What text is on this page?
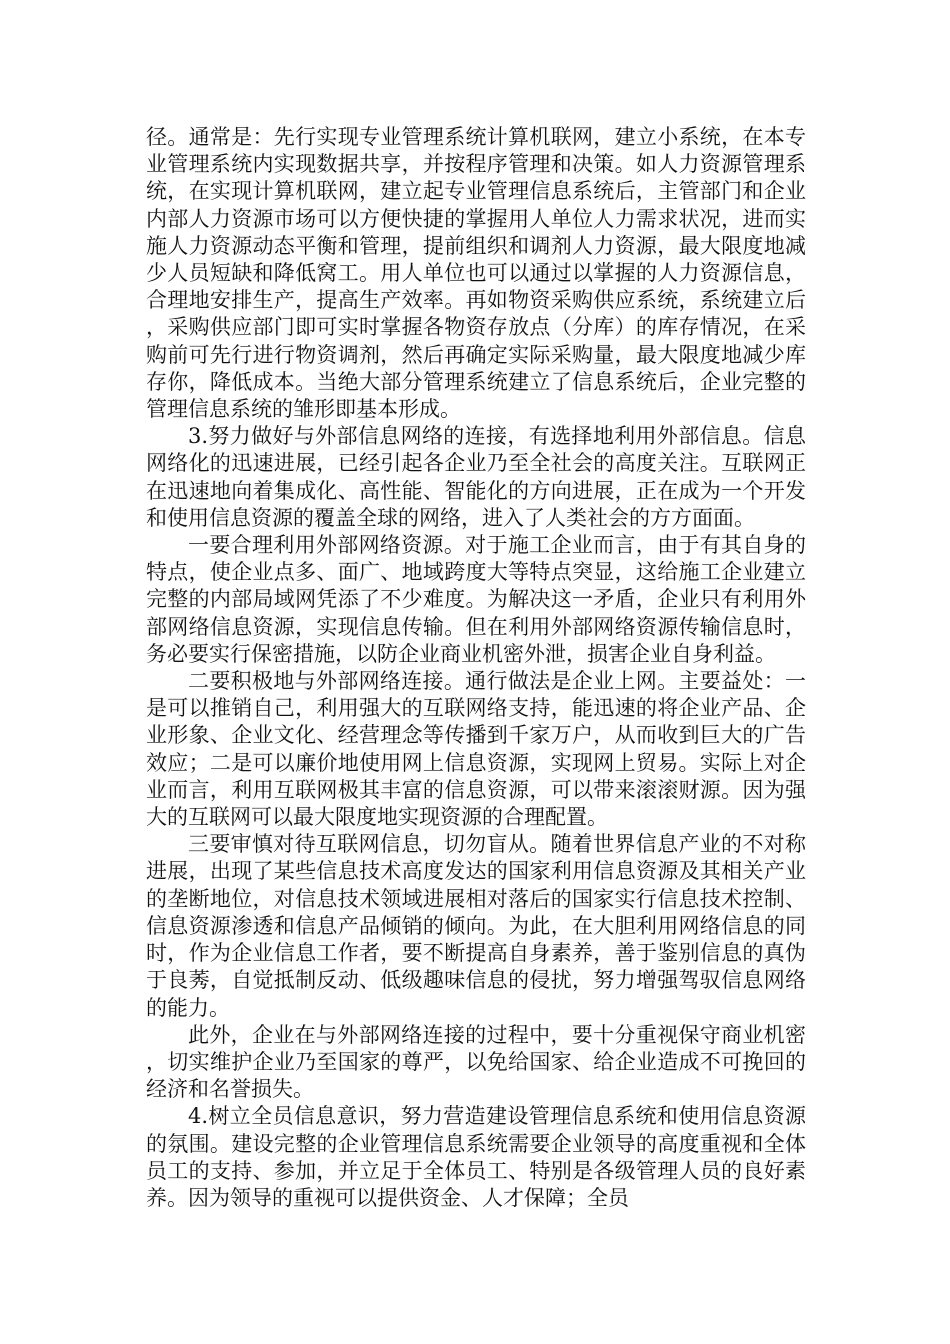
径。通常是：先行实现专业管理系统计算机联网，建立小系统，在本专业管理系统内实现数据共享，并按程序管理和决策。如人力资源管理系统，在实现计算机联网，建立起专业管理信息系统后，主管部门和企业内部人力资源市场可以方便快捷的掌握用人单位人力需求状况，进而实施人力资源动态平衡和管理，提前组织和调剂人力资源，最大限度地减少人员短缺和降低窝工。用人单位也可以通过以掌握的人力资源信息，合理地安排生产，提高生产效率。再如物资采购供应系统，系统建立后，采购供应部门即可实时掌握各物资存放点（分库）的库存情况，在采购前可先行进行物资调剂，然后再确定实际采购量，最大限度地减少库存你，降低成本。当绝大部分管理系统建立了信息系统后，企业完整的管理信息系统的雏形即基本形成。

3.努力做好与外部信息网络的连接，有选择地利用外部信息。信息网络化的迅速进展，已经引起各企业乃至全社会的高度关注。互联网正在迅速地向着集成化、高性能、智能化的方向进展，正在成为一个开发和使用信息资源的覆盖全球的网络，进入了人类社会的方方面面。

一要合理利用外部网络资源。对于施工企业而言，由于有其自身的特点，使企业点多、面广、地域跨度大等特点突显，这给施工企业建立完整的内部局域网凭添了不少难度。为解决这一矛盾，企业只有利用外部网络信息资源，实现信息传输。但在利用外部网络资源传输信息时，务必要实行保密措施，以防企业商业机密外泄，损害企业自身利益。

二要积极地与外部网络连接。通行做法是企业上网。主要益处：一是可以推销自己，利用强大的互联网络支持，能迅速的将企业产品、企业形象、企业文化、经营理念等传播到千家万户，从而收到巨大的广告效应；二是可以廉价地使用网上信息资源，实现网上贸易。实际上对企业而言，利用互联网极其丰富的信息资源，可以带来滚滚财源。因为强大的互联网可以最大限度地实现资源的合理配置。

三要审慎对待互联网信息，切勿盲从。随着世界信息产业的不对称进展，出现了某些信息技术高度发达的国家利用信息资源及其相关产业的垄断地位，对信息技术领域进展相对落后的国家实行信息技术控制、信息资源渗透和信息产品倾销的倾向。为此，在大胆利用网络信息的同时，作为企业信息工作者，要不断提高自身素养，善于鉴别信息的真伪于良莠，自觉抵制反动、低级趣味信息的侵扰，努力增强驾驭信息网络的能力。

此外，企业在与外部网络连接的过程中，要十分重视保守商业机密，切实维护企业乃至国家的尊严，以免给国家、给企业造成不可挽回的经济和名誉损失。

4.树立全员信息意识，努力营造建设管理信息系统和使用信息资源的氛围。建设完整的企业管理信息系统需要企业领导的高度重视和全体员工的支持、参加，并立足于全体员工、特别是各级管理人员的良好素养。因为领导的重视可以提供资金、人才保障；全员
